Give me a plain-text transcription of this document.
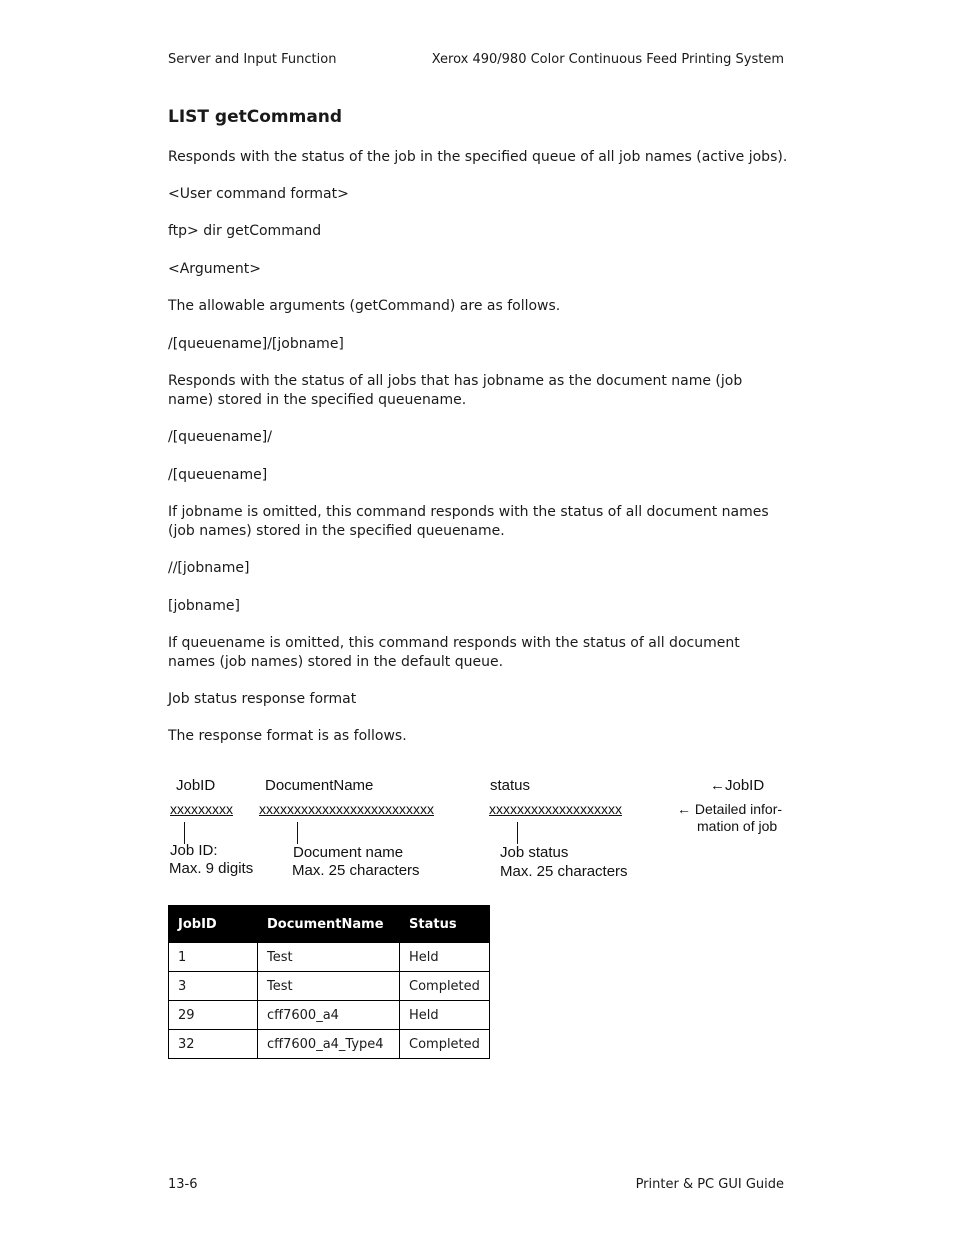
Server and Input Function	Xerox 490/980 Color Continuous Feed Printing System
LIST getCommand
Responds with the status of the job in the specified queue of all job names (active jobs).
<User command format>
ftp> dir getCommand
<Argument>
The allowable arguments (getCommand) are as follows.
/[queuename]/[jobname]
Responds with the status of all jobs that has jobname as the document name (job name) stored in the specified queuename.
/[queuename]/
/[queuename]
If jobname is omitted, this command responds with the status of all document names (job names) stored in the specified queuename.
//[jobname]
[jobname]
If queuename is omitted, this command responds with the status of all document names (job names) stored in the default queue.
Job status response format
The response format is as follows.
JobID	DocumentName	status	←JobID
xxxxxxxxx xxxxxxxxxxxxxxxxxxxxxxxxx	xxxxxxxxxxxxxxxxxxx	← Detailed infor-
mation of job
Job ID:
Max. 9 digits
Document name
Max. 25 characters
Job status
Max. 25 characters
JobID	DocumentName	Status
1	Test	Held
3	Test	Completed
29	cff7600_a4	Held
32	cff7600_a4_Type4	Completed
13-6	Printer & PC GUI Guide
